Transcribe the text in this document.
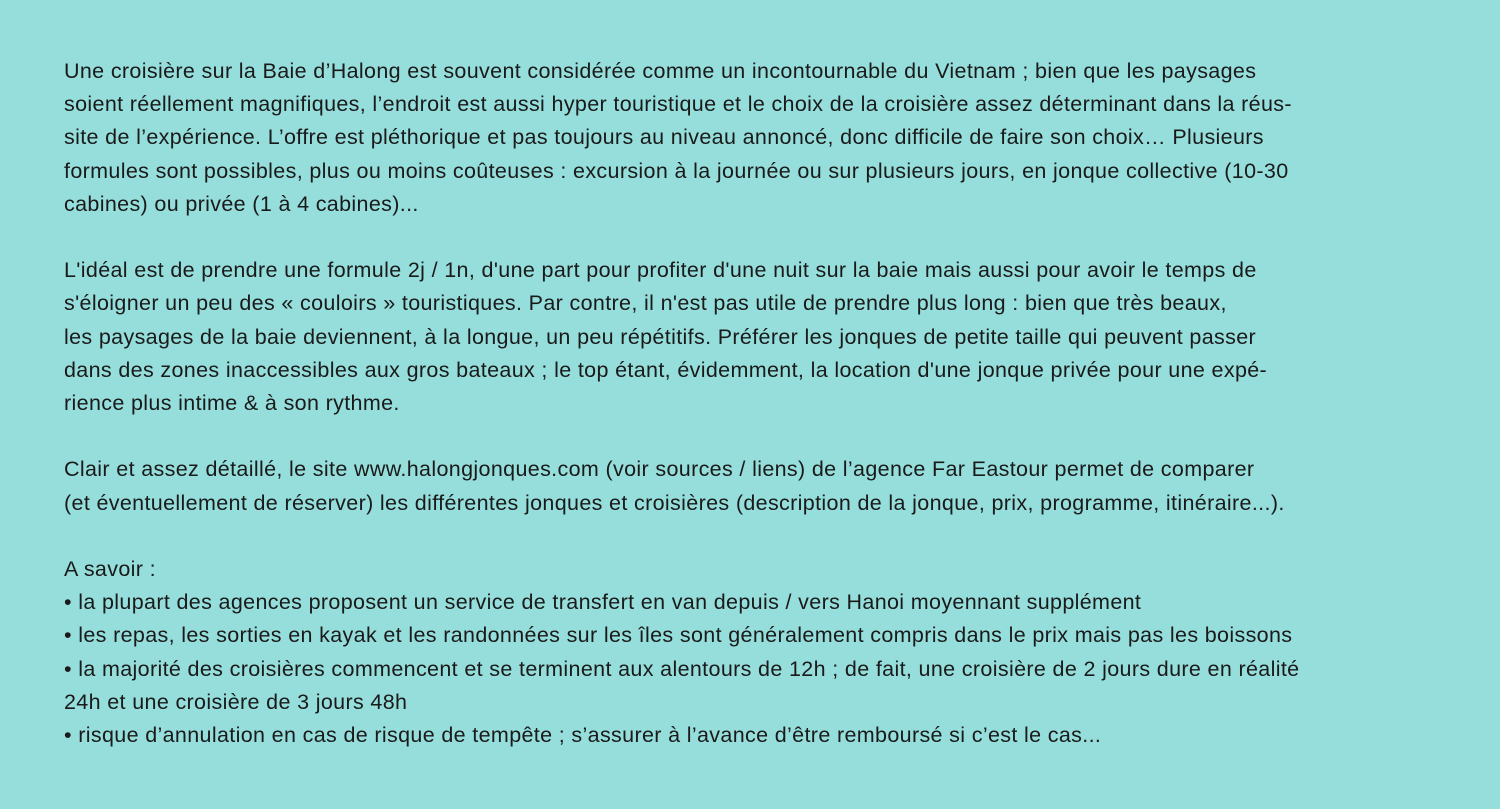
Une croisière sur la Baie d’Halong est souvent considérée comme un incontournable du Vietnam ; bien que les paysages
soient réellement magnifiques, l’endroit est aussi hyper touristique et le choix de la croisière assez déterminant dans la réus-
site de l’expérience. L’offre est pléthorique et pas toujours au niveau annoncé, donc difficile de faire son choix… Plusieurs
formules sont possibles, plus ou moins coûteuses : excursion à la journée ou sur plusieurs jours, en jonque collective (10-30
cabines) ou privée (1 à 4 cabines)...

L'idéal est de prendre une formule 2j / 1n, d'une part pour profiter d'une nuit sur la baie mais aussi pour avoir le temps de
s'éloigner un peu des « couloirs » touristiques. Par contre, il n'est pas utile de prendre plus long : bien que très beaux,
les paysages de la baie deviennent, à la longue, un peu répétitifs. Préférer les jonques de petite taille qui peuvent passer
dans des zones inaccessibles aux gros bateaux ; le top étant, évidemment, la location d'une jonque privée pour une expé-
rience plus intime & à son rythme.

Clair et assez détaillé, le site www.halongjonques.com (voir sources / liens) de l’agence Far Eastour permet de comparer
(et éventuellement de réserver) les différentes jonques et croisières (description de la jonque, prix, programme, itinéraire...).

A savoir :

• la plupart des agences proposent un service de transfert en van depuis / vers Hanoi moyennant supplément
• les repas, les sorties en kayak et les randonnées sur les îles sont généralement compris dans le prix mais pas les boissons
• la majorité des croisières commencent et se terminent aux alentours de 12h ; de fait, une croisière de 2 jours dure en réalité
24h et une croisière de 3 jours 48h
• risque d’annulation en cas de risque de tempête ; s’assurer à l’avance d’être remboursé si c’est le cas...
